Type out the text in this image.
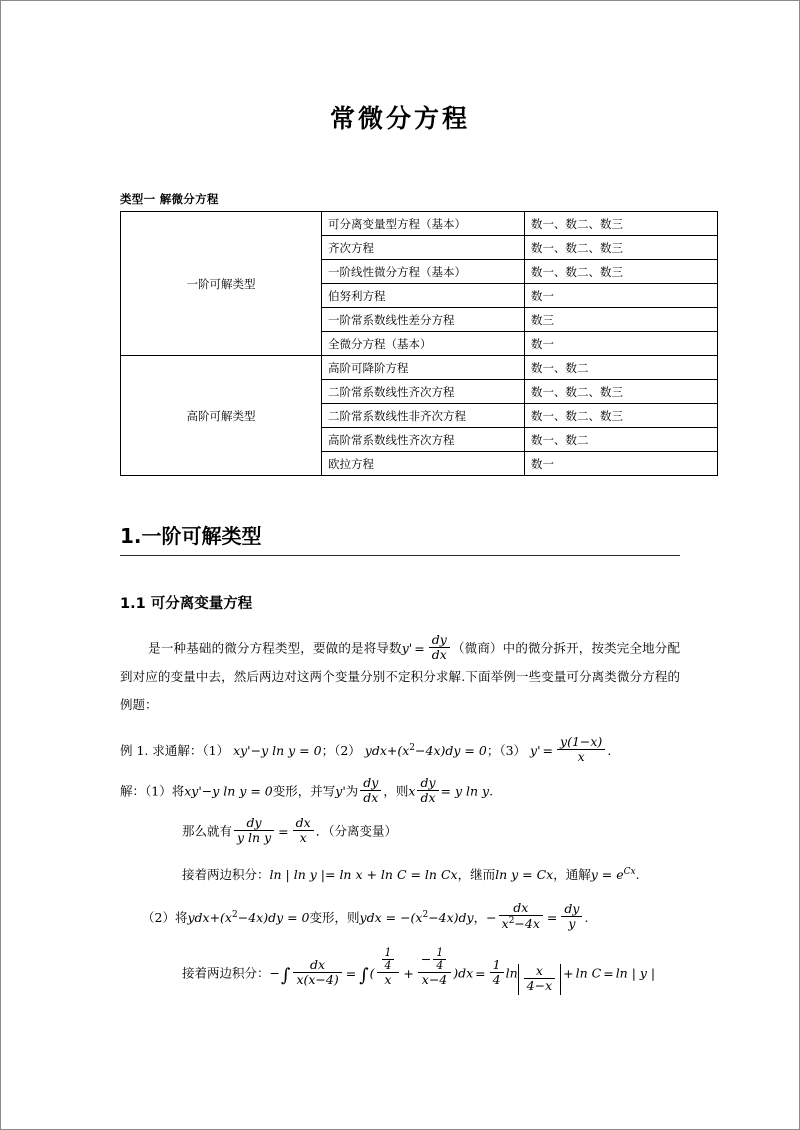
常微分方程

类型一 解微分方程

一阶可解类型	可分离变量型方程（基本）	数一、数二、数三
	齐次方程	数一、数二、数三
	一阶线性微分方程（基本）	数一、数二、数三
	伯努利方程	数一
	一阶常系数线性差分方程	数三
	全微分方程（基本）	数一
高阶可解类型	高阶可降阶方程	数一、数二
	二阶常系数线性齐次方程	数一、数二、数三
	二阶常系数线性非齐次方程	数一、数二、数三
	高阶常系数线性齐次方程	数一、数二
	欧拉方程	数一
1.一阶可解类型
1.1 可分离变量方程

是一种基础的微分方程类型，要做的是将导数$y' = \frac{dy}{dx}$ （微商）中的微分拆开，按类完全地分配到对应的变量中去，然后两边对这两个变量分别不定积分求解.下面举例一些变量可分离类微分方程的例题：

例 1. 求通解：（1） xy'−y ln y = 0；（2） $ydx+(x^2-4x)dy = 0$；（3） $y' = \frac{y(1-x)}{x}$ .

解：（1）将xy'−y ln y = 0变形，并写y'为 $\frac{dy}{dx}$ ，则x $\frac{dy}{dx} = y$ ln y.

那么就有 $\frac{dy}{\text{y ln y}} = \frac{dx}{x}$ ．（分离变量）

接着两边积分：ln | ln y |= ln x + ln C = ln Cx，继而ln y = Cx，通解$y = e^{Cx}$.

（2）将$ydx+(x^2-4x)dy = 0$变形，则ydx = $-(x^2-4x)dy$，− $\frac{dx}{x^2-4x} = \frac{dy}{y}$ .

接着两边积分：−∫ $\frac{dx}{x(x-4)}$ = ∫( $\frac{\frac{1}{4}}{x} + \frac{- \frac{1}{4}}{x-4} )dx = \frac{1}{4}$ $\ln \frac{x}{4-x} + \ln C = \ln$ | y |
